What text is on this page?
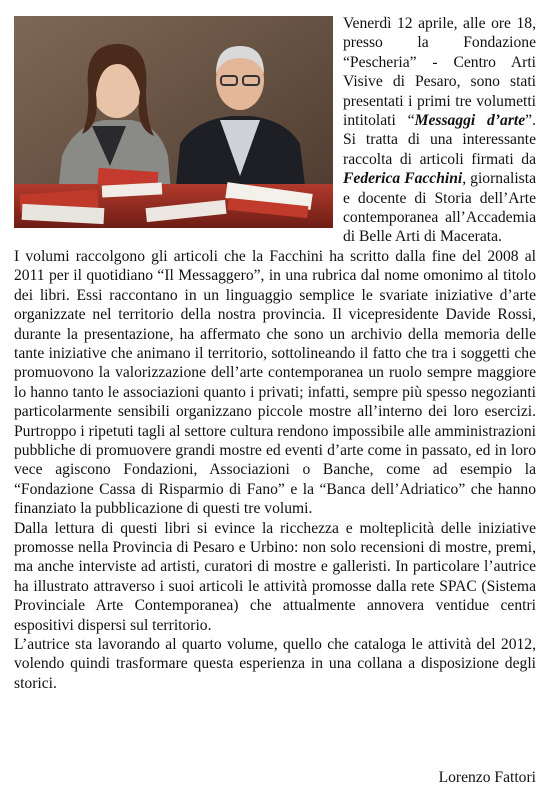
Venerdì 12 aprile, alle ore 18, presso la Fondazione “Pescheria” - Centro Arti Visive di Pesaro, sono stati presentati i primi tre volumetti intitolati “Messaggi d’arte”. Si tratta di una interessante raccolta di articoli firmati da Federica Facchini, giornalista e docente di Storia dell’Arte contemporanea all’Accademia di Belle Arti di Macerata.

I volumi raccolgono gli articoli che la Facchini ha scritto dalla fine del 2008 al 2011 per il quotidiano “Il Messaggero”, in una rubrica dal nome omonimo al titolo dei libri. Essi raccontano in un linguaggio semplice le svariate iniziative d’arte organizzate nel territorio della nostra provincia. Il vicepresidente Davide Rossi, durante la presentazione, ha affermato che sono un archivio della memoria delle tante iniziative che animano il territorio, sottolineando il fatto che tra i soggetti che promuovono la valorizzazione dell’arte contemporanea un ruolo sempre maggiore lo hanno tanto le associazioni quanto i privati; infatti, sempre più spesso negozianti particolarmente sensibili organizzano piccole mostre all’interno dei loro esercizi. Purtroppo i ripetuti tagli al settore cultura rendono impossibile alle amministrazioni pubbliche di promuovere grandi mostre ed eventi d’arte come in passato, ed in loro vece agiscono Fondazioni, Associazioni o Banche, come ad esempio la “Fondazione Cassa di Risparmio di Fano” e la “Banca dell’Adriatico” che hanno finanziato la pubblicazione di questi tre volumi.

Dalla lettura di questi libri si evince la ricchezza e molteplicità delle iniziative promosse nella Provincia di Pesaro e Urbino: non solo recensioni di mostre, premi, ma anche interviste ad artisti, curatori di mostre e galleristi. In particolare l’autrice ha illustrato attraverso i suoi articoli le attività promosse dalla rete SPAC (Sistema Provinciale Arte Contemporanea) che attualmente annovera ventidue centri espositivi dispersi sul territorio.

L’autrice sta lavorando al quarto volume, quello che cataloga le attività del 2012, volendo quindi trasformare questa esperienza in una collana a disposizione degli storici.

Lorenzo Fattori
